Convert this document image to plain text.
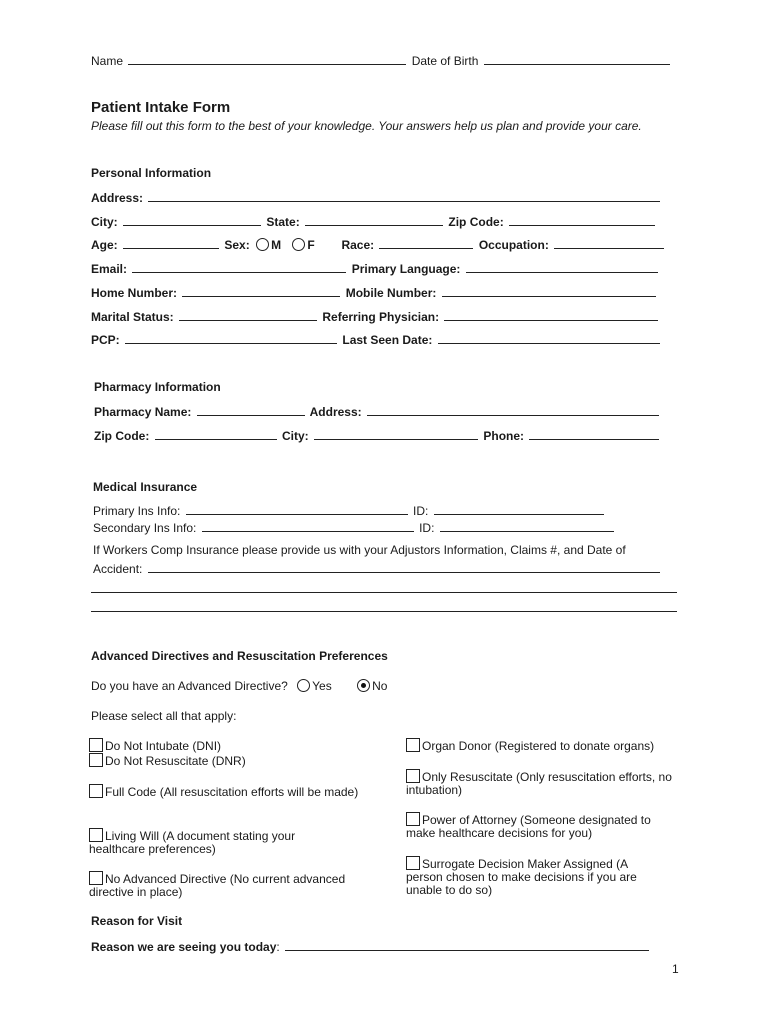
Name	Date of Birth
Patient Intake Form
Please fill out this form to the best of your knowledge. Your answers help us plan and provide your care.
Personal Information
Address:
City:	State:	Zip Code:
Age:	Sex: M F Race:	Occupation:
Email:	Primary Language:
Home Number:	Mobile Number:
Marital Status:	Referring Physician:
PCP:	Last Seen Date:
Pharmacy Information
Pharmacy Name:	Address:
Zip Code:	City:	Phone:
Medical Insurance
Primary Ins Info:	ID:
Secondary Ins Info:	ID:
If Workers Comp Insurance please provide us with your Adjustors Information, Claims #, and Date of
Accident:
Advanced Directives and Resuscitation Preferences
Do you have an Advanced Directive? Yes	No
Please select all that apply:
Do Not Intubate (DNI)
Do Not Resuscitate (DNR)
Full Code (All resuscitation efforts will be made)
Living Will (A document stating your healthcare preferences)
No Advanced Directive (No current advanced directive in place)
Organ Donor (Registered to donate organs)
Only Resuscitate (Only resuscitation efforts, no intubation)
Power of Attorney (Someone designated to make healthcare decisions for you)
Surrogate Decision Maker Assigned (A person chosen to make decisions if you are unable to do so)
Reason for Visit
Reason we are seeing you today:
1
